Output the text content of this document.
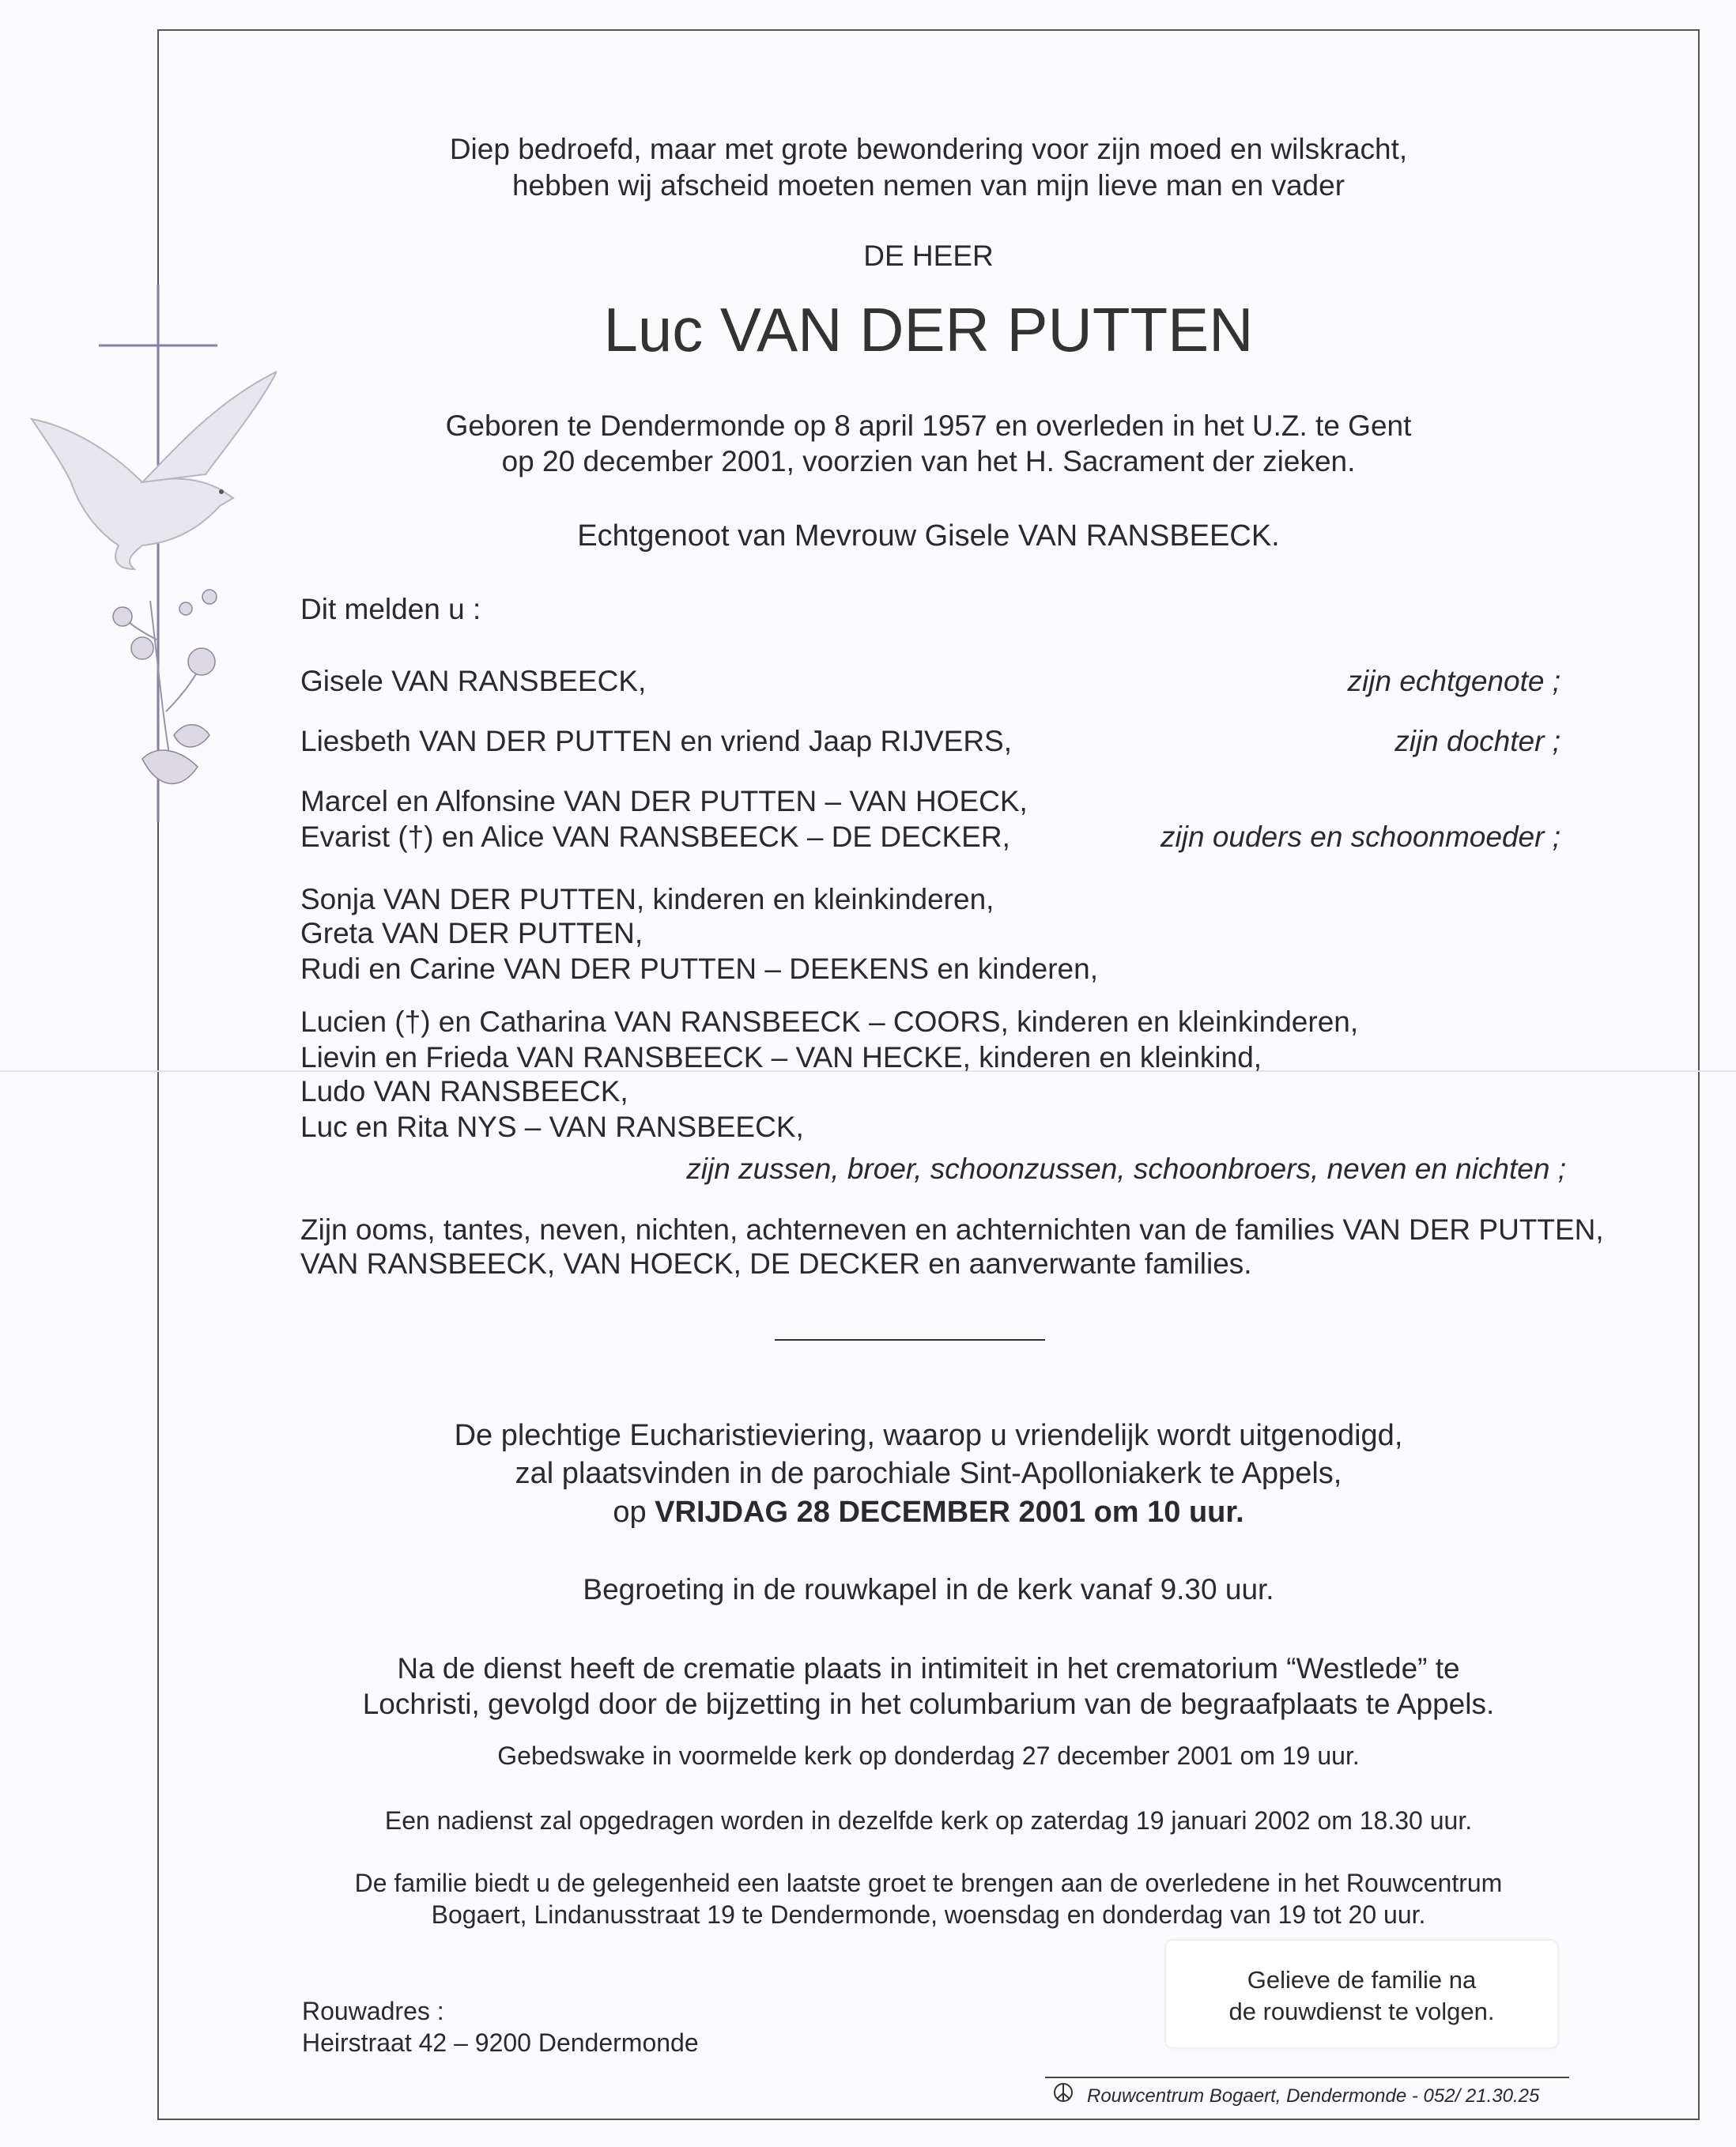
Diep bedroefd, maar met grote bewondering voor zijn moed en wilskracht,
hebben wij afscheid moeten nemen van mijn lieve man en vader
DE HEER
Luc VAN DER PUTTEN
Geboren te Dendermonde op 8 april 1957 en overleden in het U.Z. te Gent
op 20 december 2001, voorzien van het H. Sacrament der zieken.
Echtgenoot van Mevrouw Gisele VAN RANSBEECK.
Dit melden u :
Gisele VAN RANSBEECK,	zijn echtgenote ;
Liesbeth VAN DER PUTTEN en vriend Jaap RIJVERS,	zijn dochter ;
Marcel en Alfonsine VAN DER PUTTEN – VAN HOECK,
Evarist (†) en Alice VAN RANSBEECK – DE DECKER,	zijn ouders en schoonmoeder ;
Sonja VAN DER PUTTEN, kinderen en kleinkinderen,
Greta VAN DER PUTTEN,
Rudi en Carine VAN DER PUTTEN – DEEKENS en kinderen,
Lucien (†) en Catharina VAN RANSBEECK – COORS, kinderen en kleinkinderen,
Lievin en Frieda VAN RANSBEECK – VAN HECKE, kinderen en kleinkind,
Ludo VAN RANSBEECK,
Luc en Rita NYS – VAN RANSBEECK,
zijn zussen, broer, schoonzussen, schoonbroers, neven en nichten ;
Zijn ooms, tantes, neven, nichten, achterneven en achternichten van de families VAN DER PUTTEN,
VAN RANSBEECK, VAN HOECK, DE DECKER en aanverwante families.
De plechtige Eucharistieviering, waarop u vriendelijk wordt uitgenodigd,
zal plaatsvinden in de parochiale Sint-Apolloniakerk te Appels,
op VRIJDAG 28 DECEMBER 2001 om 10 uur.
Begroeting in de rouwkapel in de kerk vanaf 9.30 uur.
Na de dienst heeft de crematie plaats in intimiteit in het crematorium “Westlede” te
Lochristi, gevolgd door de bijzetting in het columbarium van de begraafplaats te Appels.
Gebedswake in voormelde kerk op donderdag 27 december 2001 om 19 uur.
Een nadienst zal opgedragen worden in dezelfde kerk op zaterdag 19 januari 2002 om 18.30 uur.
De familie biedt u de gelegenheid een laatste groet te brengen aan de overledene in het Rouwcentrum
Bogaert, Lindanusstraat 19 te Dendermonde, woensdag en donderdag van 19 tot 20 uur.
Rouwadres :
Heirstraat 42 – 9200 Dendermonde
Gelieve de familie na
de rouwdienst te volgen.
Rouwcentrum Bogaert, Dendermonde - 052/ 21.30.25
